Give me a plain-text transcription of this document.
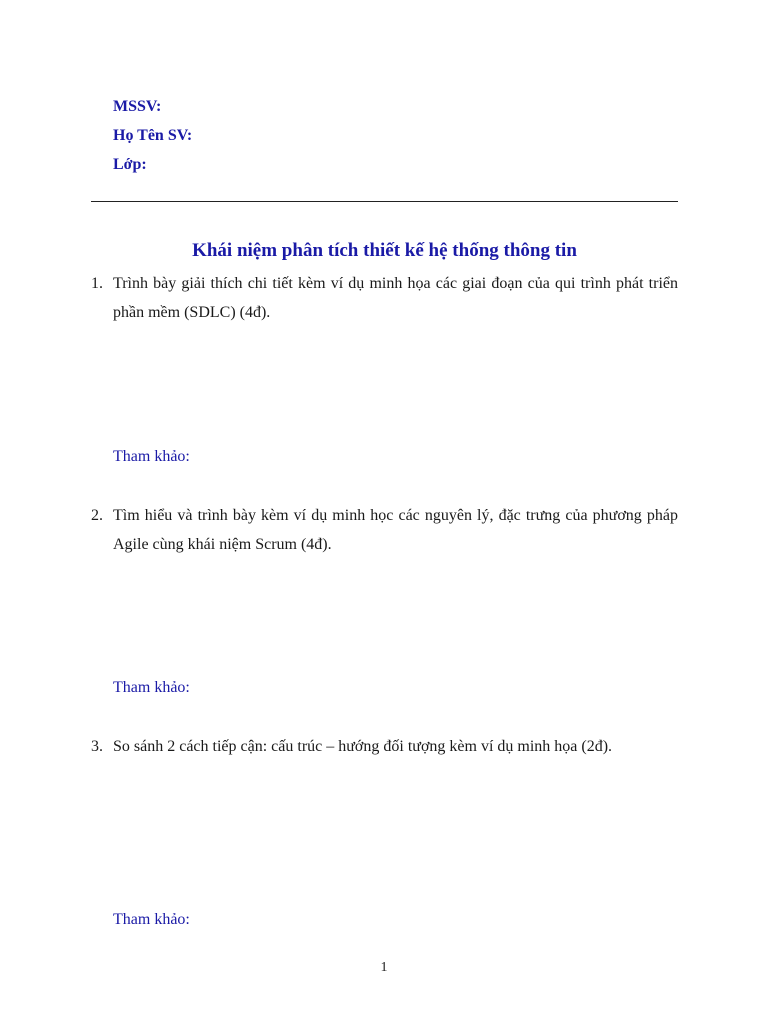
MSSV:
Họ Tên SV:
Lớp:
Khái niệm phân tích thiết kế hệ thống thông tin
1. Trình bày giải thích chi tiết kèm ví dụ minh họa các giai đoạn của qui trình phát triển phần mềm (SDLC) (4đ).
Tham khảo:
2. Tìm hiểu và trình bày kèm ví dụ minh học các nguyên lý, đặc trưng của phương pháp Agile cùng khái niệm Scrum (4đ).
Tham khảo:
3. So sánh 2 cách tiếp cận: cấu trúc – hướng đối tượng kèm ví dụ minh họa (2đ).
Tham khảo:
1
